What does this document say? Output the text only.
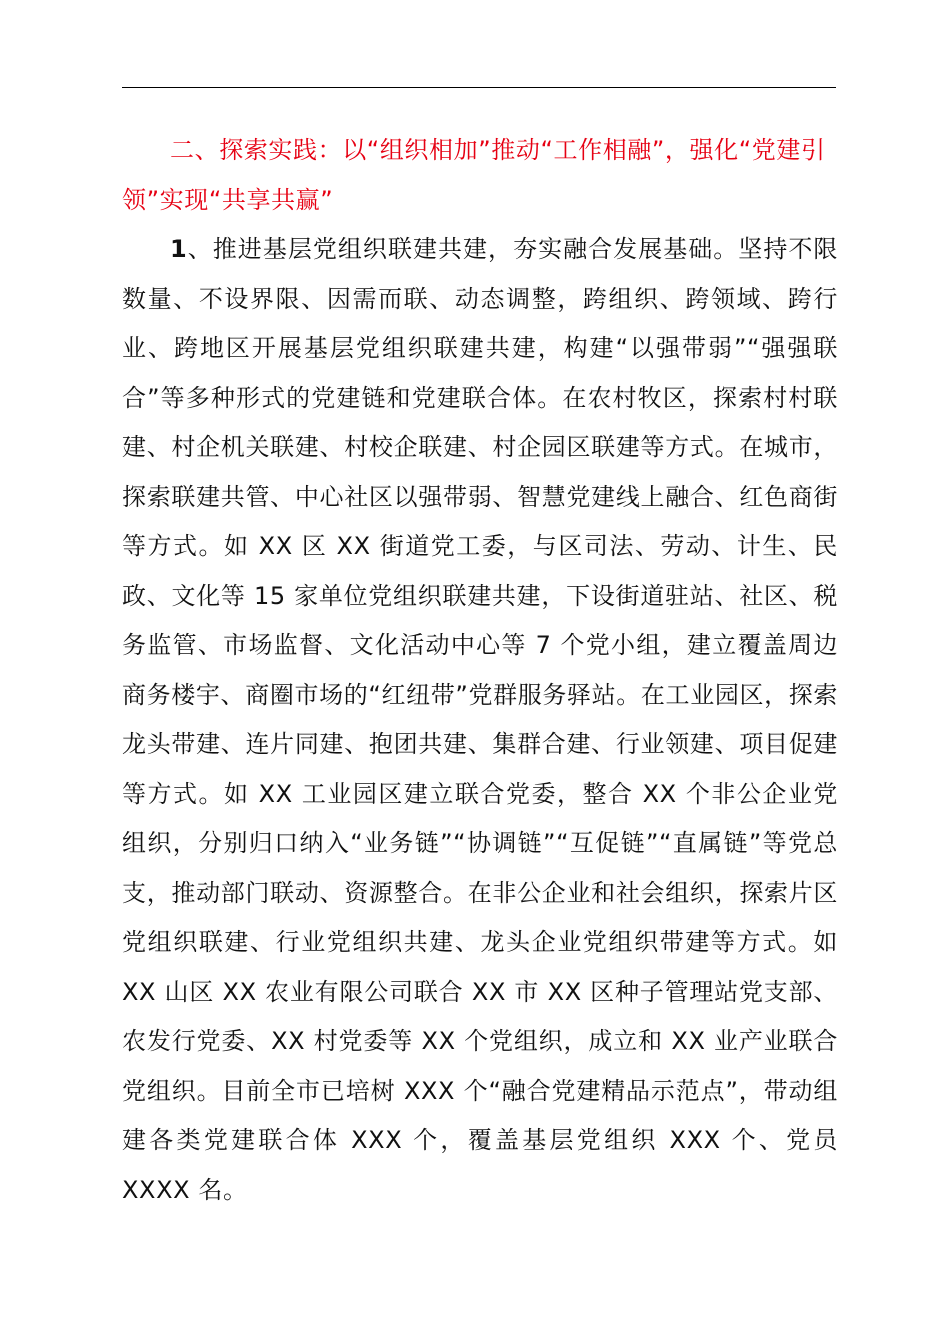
二、探索实践：以“组织相加”推动“工作相融”，强化“党建引领”实现“共享共赢”

1、推进基层党组织联建共建，夯实融合发展基础。坚持不限数量、不设界限、因需而联、动态调整，跨组织、跨领域、跨行业、跨地区开展基层党组织联建共建，构建“以强带弱”“强强联合”等多种形式的党建链和党建联合体。在农村牧区，探索村村联建、村企机关联建、村校企联建、村企园区联建等方式。在城市，探索联建共管、中心社区以强带弱、智慧党建线上融合、红色商街等方式。如 XX 区 XX 街道党工委，与区司法、劳动、计生、民政、文化等 15 家单位党组织联建共建，下设街道驻站、社区、税务监管、市场监督、文化活动中心等 7 个党小组，建立覆盖周边商务楼宇、商圈市场的“红纽带”党群服务驿站。在工业园区，探索龙头带建、连片同建、抱团共建、集群合建、行业领建、项目促建等方式。如 XX 工业园区建立联合党委，整合 XX 个非公企业党组织，分别归口纳入“业务链”“协调链”“互促链”“直属链”等党总支，推动部门联动、资源整合。在非公企业和社会组织，探索片区党组织联建、行业党组织共建、龙头企业党组织带建等方式。如 XX 山区 XX 农业有限公司联合 XX 市 XX 区种子管理站党支部、农发行党委、XX 村党委等 XX 个党组织，成立和 XX 业产业联合党组织。目前全市已培树 XXX 个“融合党建精品示范点”，带动组建各类党建联合体 XXX 个，覆盖基层党组织 XXX 个、党员 XXXX 名。
